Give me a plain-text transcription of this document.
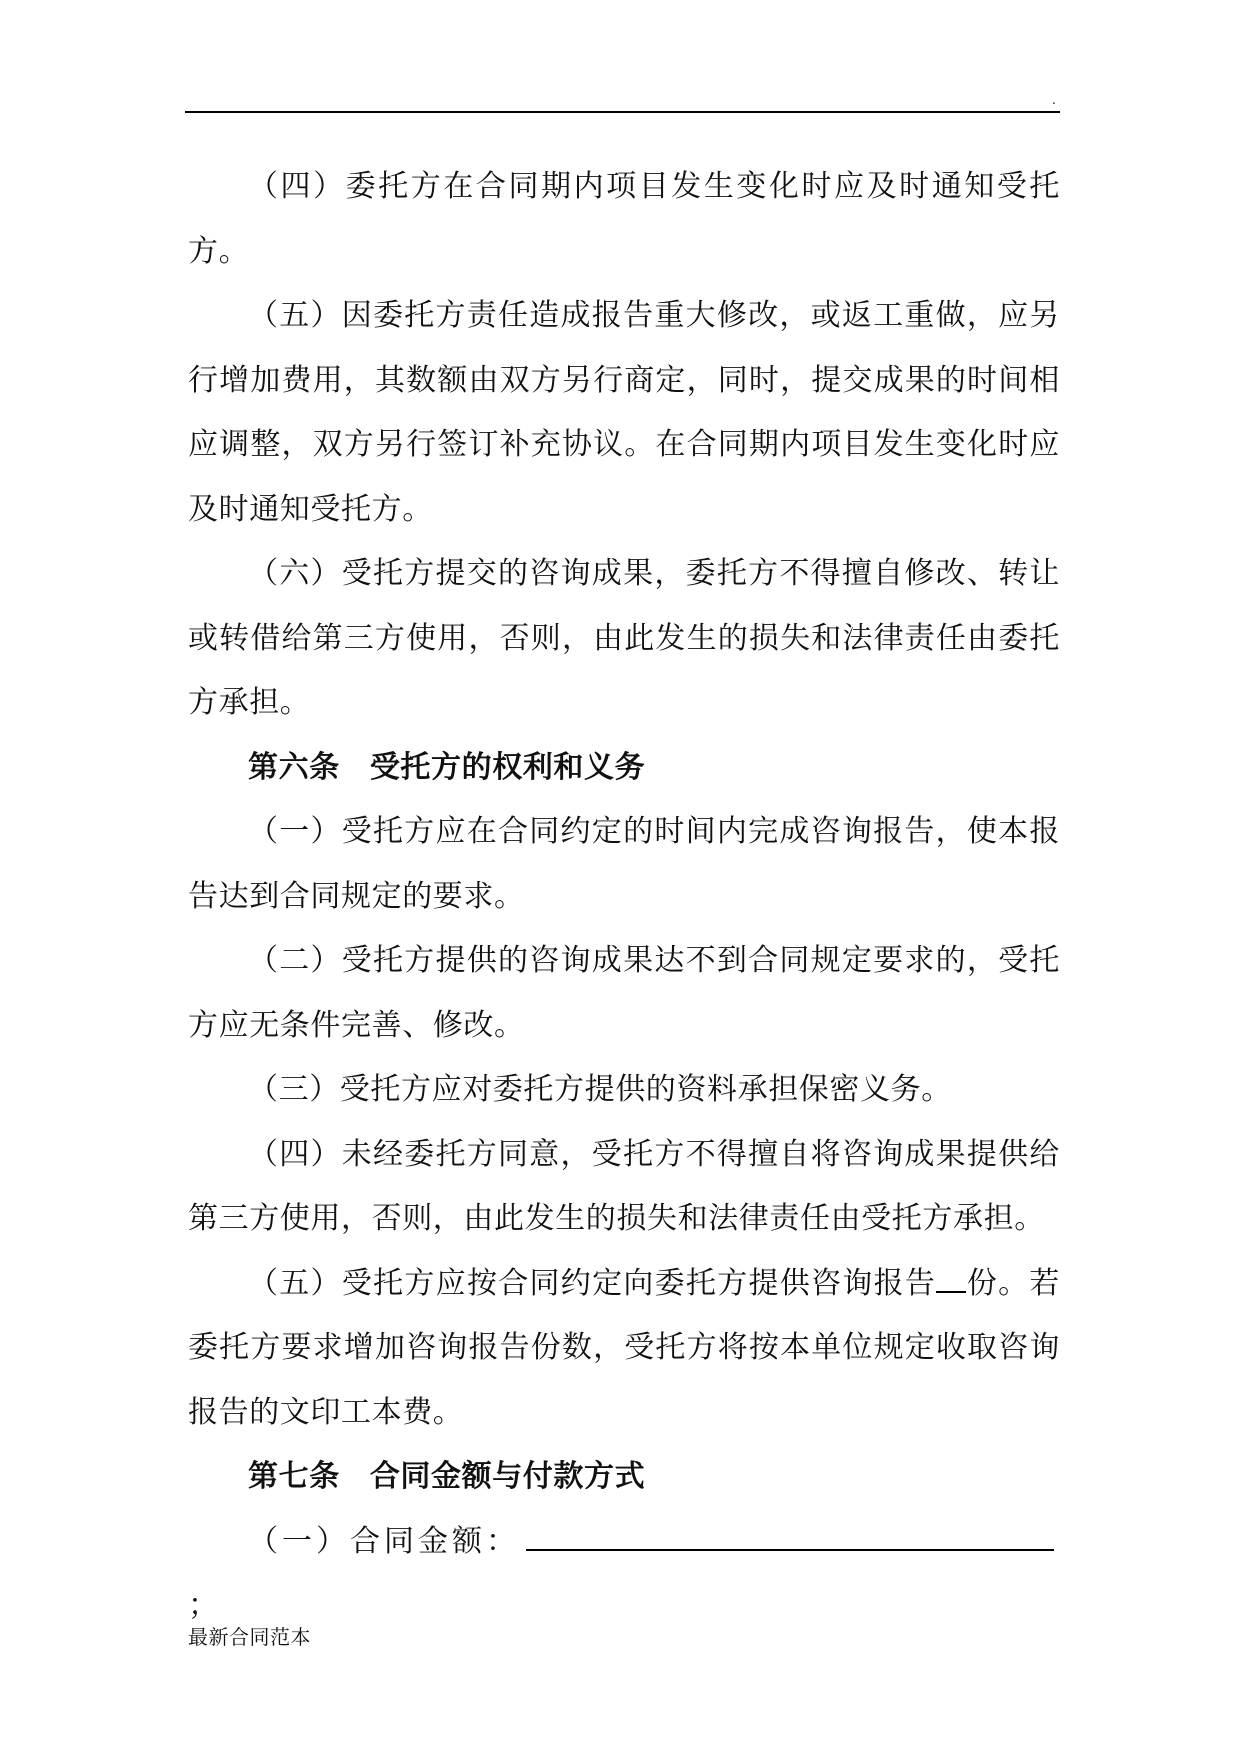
.

（四）委托方在合同期内项目发生变化时应及时通知受托方。

（五）因委托方责任造成报告重大修改，或返工重做，应另行增加费用，其数额由双方另行商定，同时，提交成果的时间相应调整，双方另行签订补充协议。在合同期内项目发生变化时应及时通知受托方。

（六）受托方提交的咨询成果，委托方不得擅自修改、转让或转借给第三方使用，否则，由此发生的损失和法律责任由委托方承担。

第六条 受托方的权利和义务

（一）受托方应在合同约定的时间内完成咨询报告，使本报告达到合同规定的要求。

（二）受托方提供的咨询成果达不到合同规定要求的，受托方应无条件完善、修改。

（三）受托方应对委托方提供的资料承担保密义务。

（四）未经委托方同意，受托方不得擅自将咨询成果提供给第三方使用，否则，由此发生的损失和法律责任由受托方承担。

（五）受托方应按合同约定向委托方提供咨询报告 份。若委托方要求增加咨询报告份数，受托方将按本单位规定收取咨询报告的文印工本费。

第七条 合同金额与付款方式

（一）合同金额：；

最新合同范本
